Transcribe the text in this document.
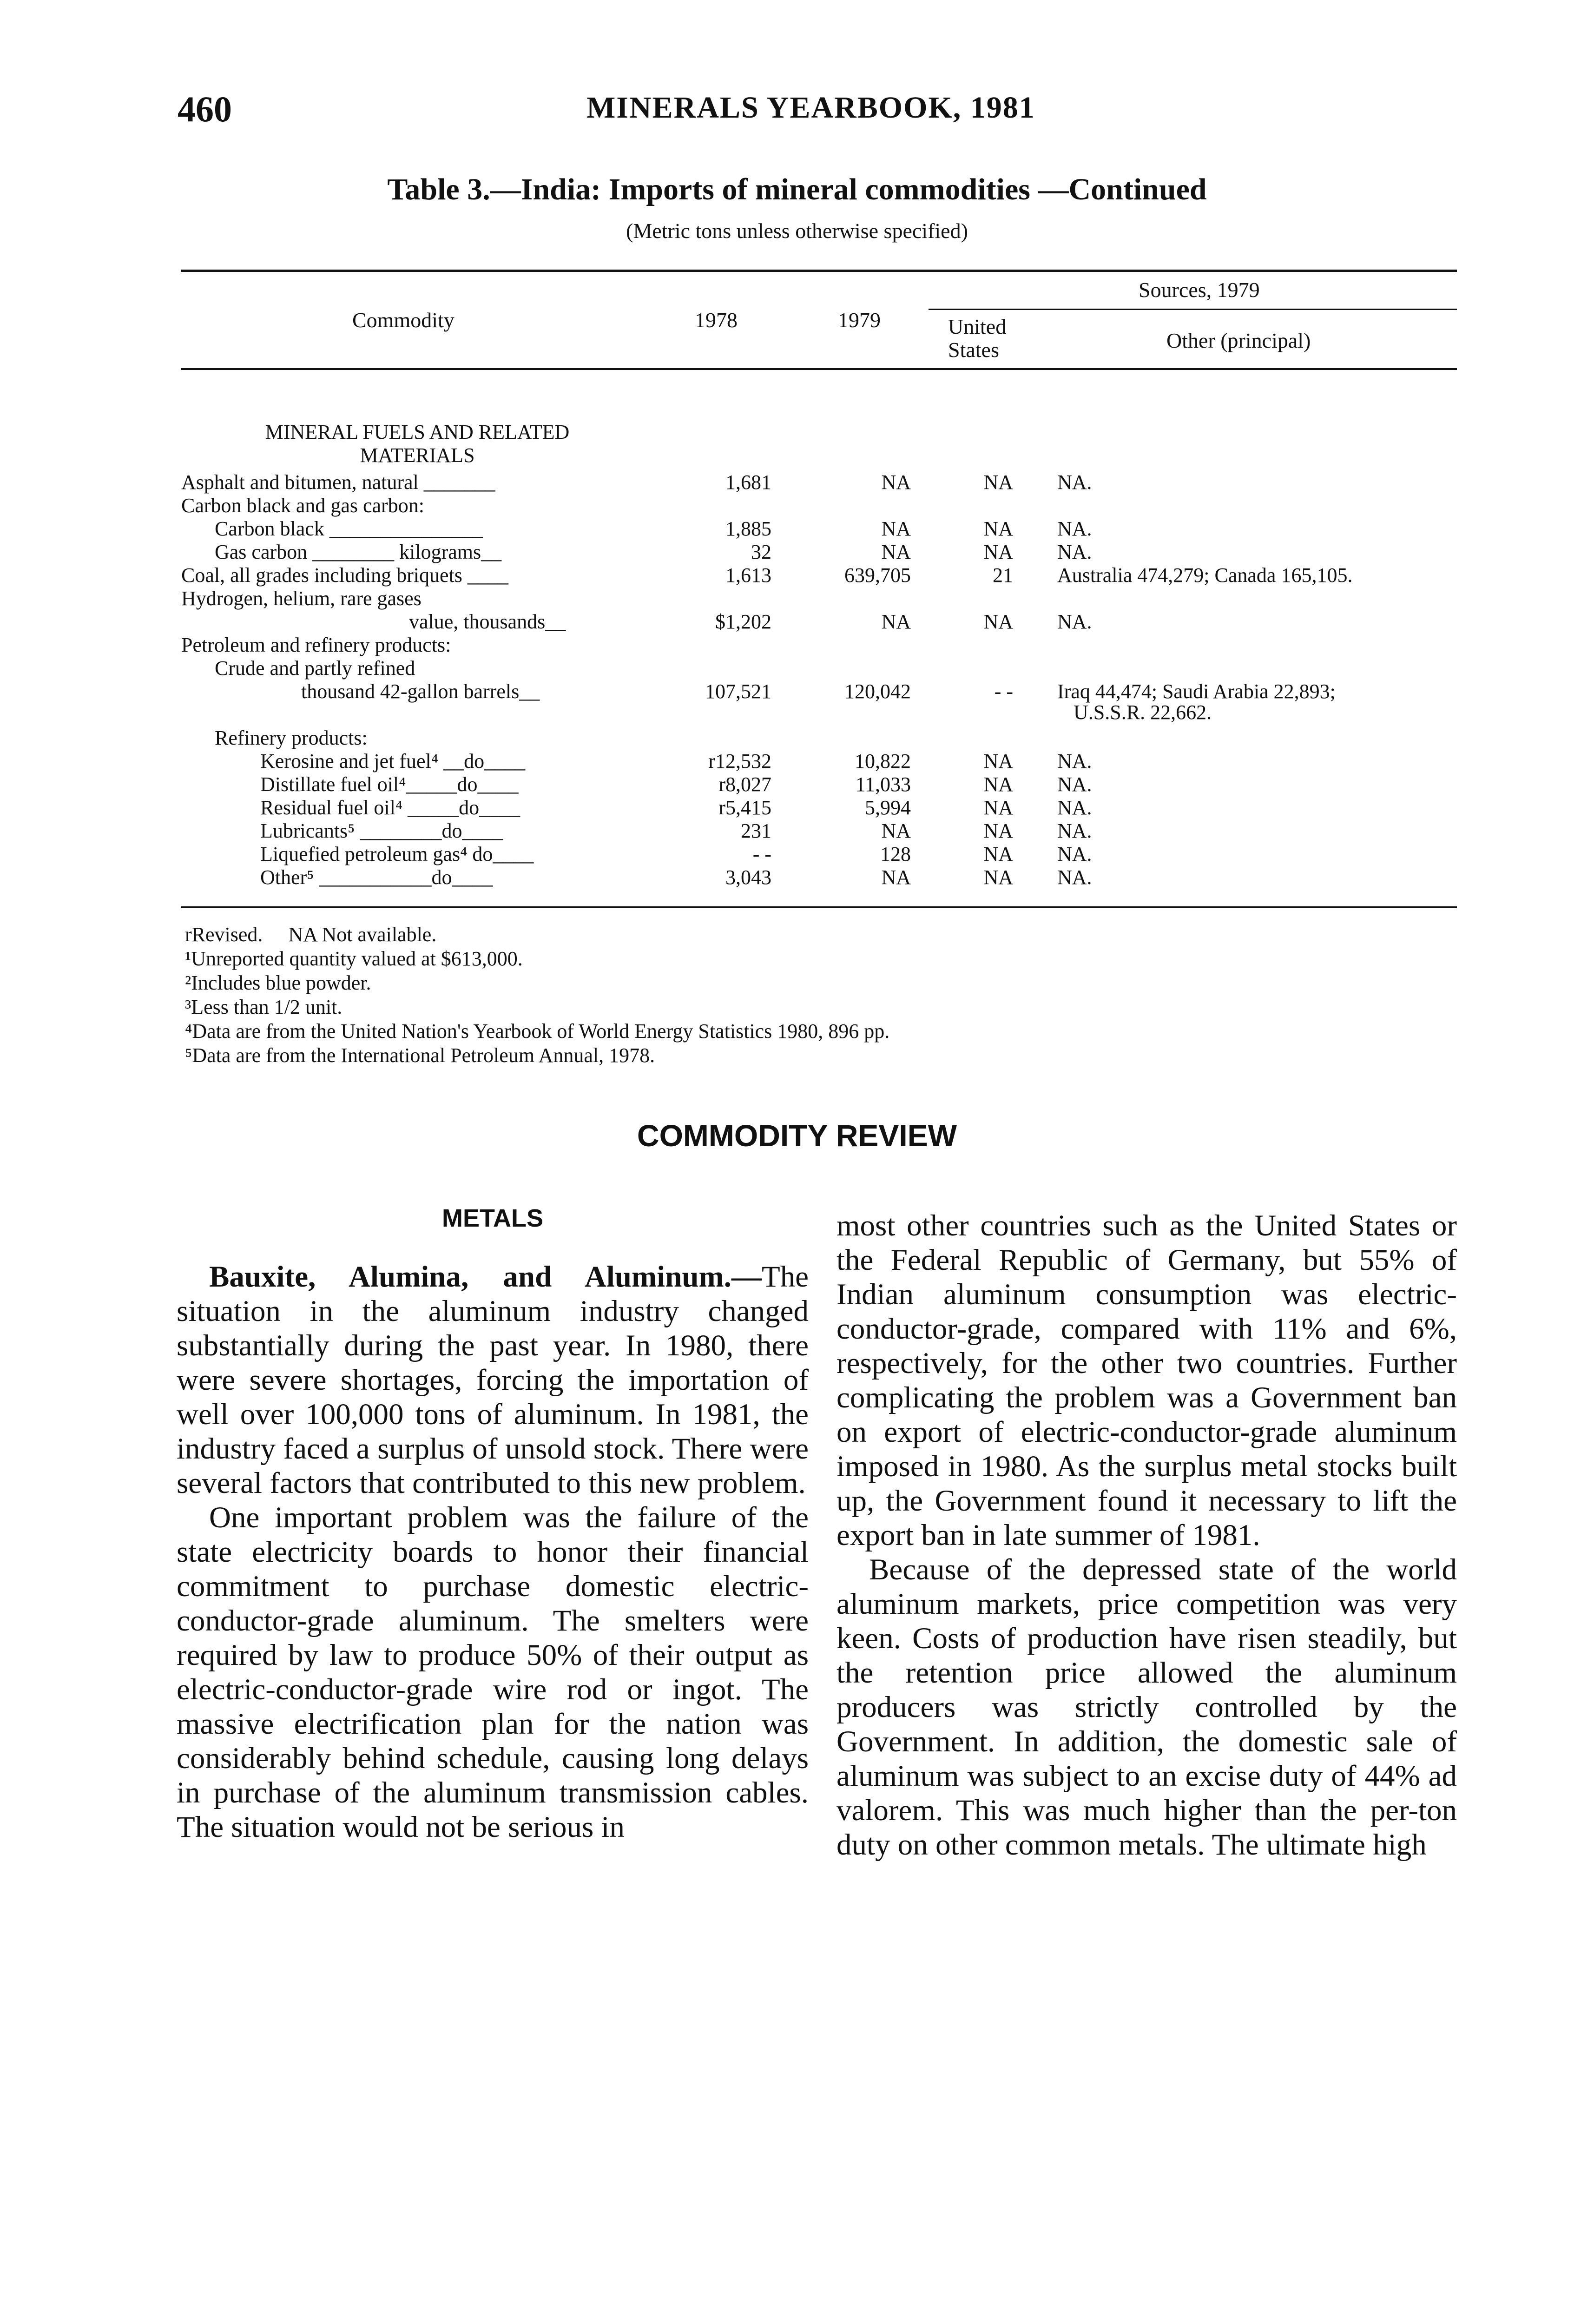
460	MINERALS YEARBOOK, 1981
Table 3.—India: Imports of mineral commodities —Continued
(Metric tons unless otherwise specified)
Commodity	1978	1979
Sources, 1979
United States	Other (principal)
MINERAL FUELS AND RELATED MATERIALS
Asphalt and bitumen, natural _______	1,681	NA	NA NA.
Carbon black and gas carbon:
Carbon black _______________	1,885	NA	NA NA.
Gas carbon ________ kilograms__	32	NA	NA NA.
Coal, all grades including briquets ____	1,613	639,705	21 Australia 474,279; Canada 165,105.
Hydrogen, helium, rare gases
value, thousands__	$1,202	NA	NA NA.
Petroleum and refinery products:
Crude and partly refined
thousand 42-gallon barrels__	107,521	120,042	- - Iraq 44,474; Saudi Arabia 22,893;
U.S.S.R. 22,662.
Refinery products:
Kerosine and jet fuel⁴ __do____	r12,532	10,822	NA NA.
Distillate fuel oil⁴_____do____	r8,027	11,033	NA NA.
Residual fuel oil⁴ _____do____	r5,415	5,994	NA NA.
Lubricants⁵ ________do____	231	NA	NA NA.
Liquefied petroleum gas⁴ do____	- -	128	NA NA.
Other⁵ ___________do____	3,043	NA	NA NA.
rRevised.     NA Not available.
¹Unreported quantity valued at $613,000.
²Includes blue powder.
³Less than 1/2 unit.
⁴Data are from the United Nation's Yearbook of World Energy Statistics 1980, 896 pp.
⁵Data are from the International Petroleum Annual, 1978.
COMMODITY REVIEW
METALS

Bauxite, Alumina, and Aluminum.—The situation in the aluminum industry changed substantially during the past year. In 1980, there were severe shortages, forcing the importation of well over 100,000 tons of aluminum. In 1981, the industry faced a surplus of unsold stock. There were several factors that contributed to this new problem.

One important problem was the failure of the state electricity boards to honor their financial commitment to purchase domestic electric-conductor-grade aluminum. The smelters were required by law to produce 50% of their output as electric-conductor-grade wire rod or ingot. The massive electrification plan for the nation was considerably behind schedule, causing long delays in purchase of the aluminum transmission cables. The situation would not be serious in

most other countries such as the United States or the Federal Republic of Germany, but 55% of Indian aluminum consumption was electric-conductor-grade, compared with 11% and 6%, respectively, for the other two countries. Further complicating the problem was a Government ban on export of electric-conductor-grade aluminum imposed in 1980. As the surplus metal stocks built up, the Government found it necessary to lift the export ban in late summer of 1981.

Because of the depressed state of the world aluminum markets, price competition was very keen. Costs of production have risen steadily, but the retention price allowed the aluminum producers was strictly controlled by the Government. In addition, the domestic sale of aluminum was subject to an excise duty of 44% ad valorem. This was much higher than the per-ton duty on other common metals. The ultimate high
